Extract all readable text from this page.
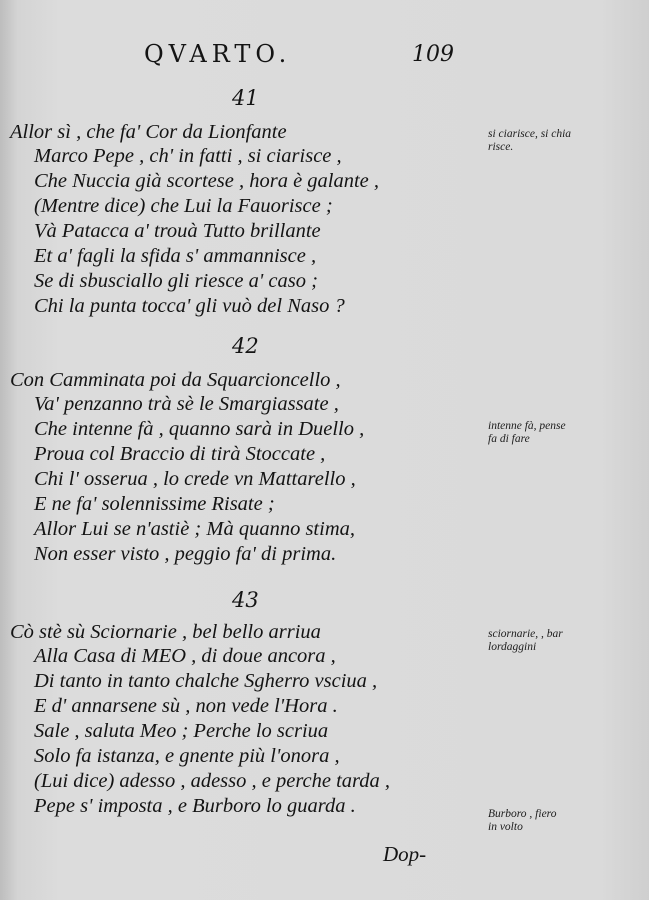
QVARTO.	109
41
Allor sì , che fa' Cor da Lionfante
Marco Pepe , ch' in fatti , si ciarisce ,
Che Nuccia già scortese , hora è galante ,
(Mentre dice) che Lui la Fauorisce ;
Và Patacca a' trouà Tutto brillante
Et a' fagli la sfida s' ammannisce ,
Se di sbusciallo gli riesce a' caso ;
Chi la punta tocca' gli vuò del Naso ?
42
Con Camminata poi da Squarcioncello ,
Va' penzanno trà sè le Smargiassate ,
Che intenne fà , quanno sarà in Duello ,
Proua col Braccio di tirà Stoccate ,
Chi l' osserua , lo crede vn Mattarello ,
E ne fa' solennissime Risate ;
Allor Lui se n'astiè ; Mà quanno stima,
Non esser visto , peggio fa' di prima.
43
Cò stè sù Sciornarie , bel bello arriua
Alla Casa di MEO , di doue ancora ,
Di tanto in tanto chalche Sgherro vsciua ,
E d' annarsene sù , non vede l'Hora .
Sale , saluta Meo ; Perche lo scriua
Solo fa istanza, e gnente più l'onora ,
(Lui dice) adesso , adesso , e perche tarda ,
Pepe s' imposta , e Burboro lo guarda .
si ciarisce, si chia
risce.
intenne fà, pense
fa di fare
sciornarie, , bar
lordaggini
Burboro , fiero
in volto
Dop-
